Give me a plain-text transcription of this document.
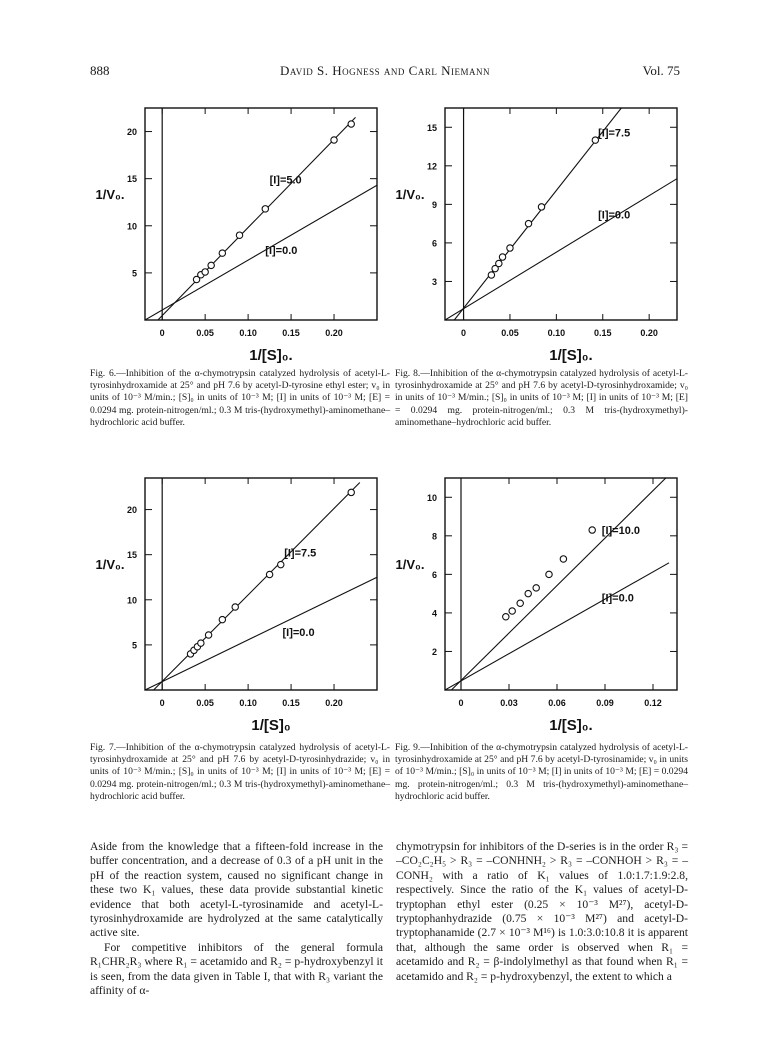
888	David S. Hogness and Carl Niemann	Vol. 75
0	0.05	0.10	0.15	0.20
5
10
15
20
1/[S]₀.
1/V₀.
[I]=5.0
[I]=0.0
Fig. 6.—Inhibition of the α-chymotrypsin catalyzed hydrolysis of acetyl-L-tyrosinhydroxamide at 25° and pH 7.6 by acetyl-D-tyrosine ethyl ester; v₀ in units of 10⁻³ M/min.; [S]₀ in units of 10⁻³ M; [I] in units of 10⁻³ M; [E] = 0.0294 mg. protein-nitrogen/ml.; 0.3 M tris-(hydroxymethyl)-aminomethane–hydrochloric acid buffer.
0	0.05	0.10	0.15	0.20
3
6
9
12
15
1/[S]₀.
1/V₀.
[I]=7.5
[I]=0.0
Fig. 8.—Inhibition of the α-chymotrypsin catalyzed hydrolysis of acetyl-L-tyrosinhydroxamide at 25° and pH 7.6 by acetyl-D-tyrosinhydroxamide; v₀ in units of 10⁻³ M/min.; [S]₀ in units of 10⁻³ M; [I] in units of 10⁻³ M; [E] = 0.0294 mg. protein-nitrogen/ml.; 0.3 M tris-(hydroxymethyl)-aminomethane–hydrochloric acid buffer.
0	0.05	0.10	0.15	0.20
5
10
15
20
1/[S]₀
1/V₀.
[I]=7.5
[I]=0.0
Fig. 7.—Inhibition of the α-chymotrypsin catalyzed hydrolysis of acetyl-L-tyrosinhydroxamide at 25° and pH 7.6 by acetyl-D-tyrosinhydrazide; v₀ in units of 10⁻³ M/min.; [S]₀ in units of 10⁻³ M; [I] in units of 10⁻³ M; [E] = 0.0294 mg. protein-nitrogen/ml.; 0.3 M tris-(hydroxymethyl)-aminomethane–hydrochloric acid buffer.
0	0.03	0.06	0.09	0.12
2
4
6
8
10
1/[S]₀.
1/V₀.
[I]=10.0
[I]=0.0
Fig. 9.—Inhibition of the α-chymotrypsin catalyzed hydrolysis of acetyl-L-tyrosinhydroxamide at 25° and pH 7.6 by acetyl-D-tyrosinamide; v₀ in units of 10⁻³ M/min.; [S]₀ in units of 10⁻³ M; [I] in units of 10⁻³ M; [E] = 0.0294 mg. protein-nitrogen/ml.; 0.3 M tris-(hydroxymethyl)-aminomethane–hydrochloric acid buffer.

Aside from the knowledge that a fifteen-fold increase in the buffer concentration, and a decrease of 0.3 of a pH unit in the pH of the reaction system, caused no significant change in these two K₁ values, these data provide substantial kinetic evidence that both acetyl-L-tyrosinamide and acetyl-L-tyrosinhydroxamide are hydrolyzed at the same catalytically active site.

For competitive inhibitors of the general formula R₁CHR₂R₃ where R₁ = acetamido and R₂ = p-hydroxybenzyl it is seen, from the data given in Table I, that with R₃ variant the affinity of α-

chymotrypsin for inhibitors of the D-series is in the order R₃ = –CO₂C₂H₅ > R₃ = –CONHNH₂ > R₃ = –CONHOH > R₃ = –CONH₂ with a ratio of K₁ values of 1.0:1.7:1.9:2.8, respectively. Since the ratio of the K₁ values of acetyl-D-tryptophan ethyl ester (0.25 × 10⁻³ M²⁷), acetyl-D-tryptophanhydrazide (0.75 × 10⁻³ M²⁷) and acetyl-D-tryptophanamide (2.7 × 10⁻³ M¹⁶) is 1.0:3.0:10.8 it is apparent that, although the same order is observed when R₁ = acetamido and R₂ = β-indolylmethyl as that found when R₁ = acetamido and R₂ = p-hydroxybenzyl, the extent to which a
